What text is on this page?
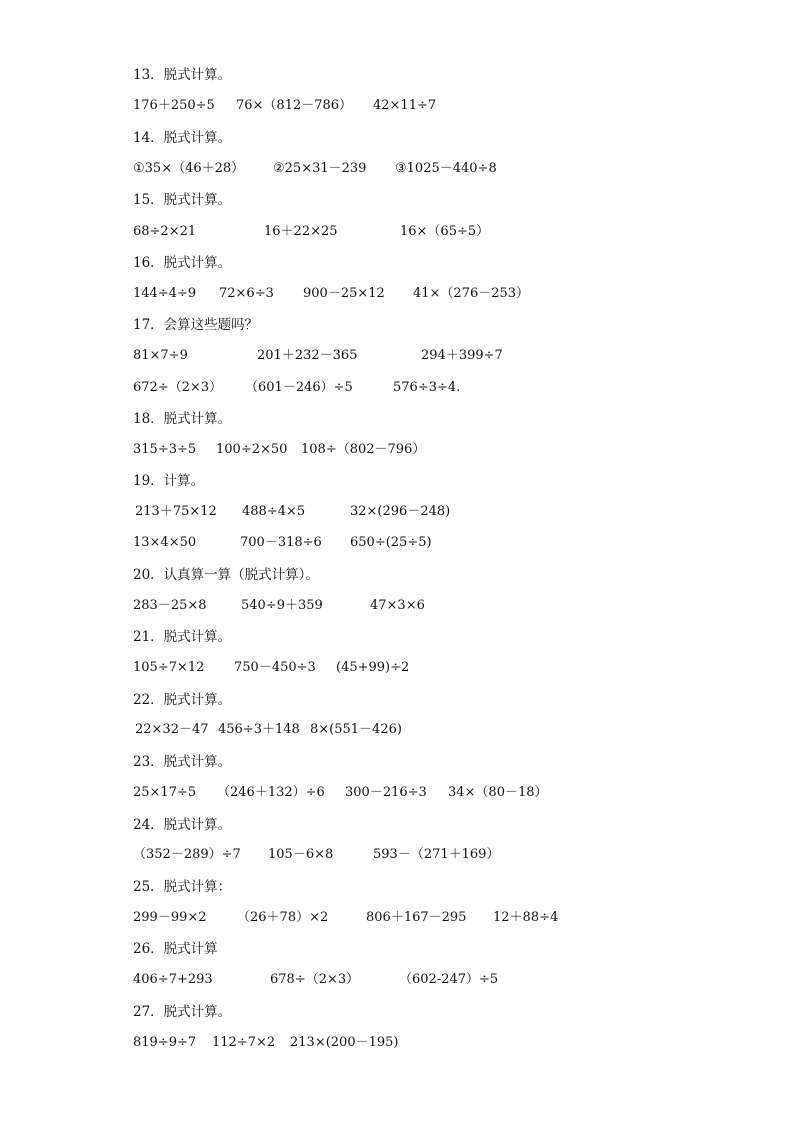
13．脱式计算。
176＋250÷5 76×（812－786） 42×11÷7
14．脱式计算。
①35×（46＋28） ②25×31－239 ③1025－440÷8
15．脱式计算。
68÷2×21	16＋22×25	16×（65÷5）
16．脱式计算。
144÷4÷9 72×6÷3 900－25×12 41×（276－253）
17．会算这些题吗？
81×7÷9	201＋232－365	294＋399÷7
672÷（2×3） （601－246）÷5	576÷3÷4.
18．脱式计算。
315÷3÷5 100÷2×50 108÷（802－796）
19．计算。
213＋75×12 488÷4×5	32×(296－248)
13×4×50	700－318÷6 650÷(25÷5)
20．认真算一算（脱式计算）。
283－25×8	540÷9＋359	47×3×6
21．脱式计算。
105÷7×12 750－450÷3 (45+99)÷2
22．脱式计算。
22×32－47 456÷3＋148 8×(551－426)
23．脱式计算。
25×17÷5 （246＋132）÷6 300－216÷3 34×（80－18）
24．脱式计算。
（352－289）÷7 105－6×8	593－（271＋169）
25．脱式计算：
299－99×2 （26＋78）×2	806＋167－295 12＋88÷4
26．脱式计算
406÷7+293	678÷（2×3）	（602-247）÷5
27．脱式计算。
819÷9÷7 112÷7×2 213×(200－195)
